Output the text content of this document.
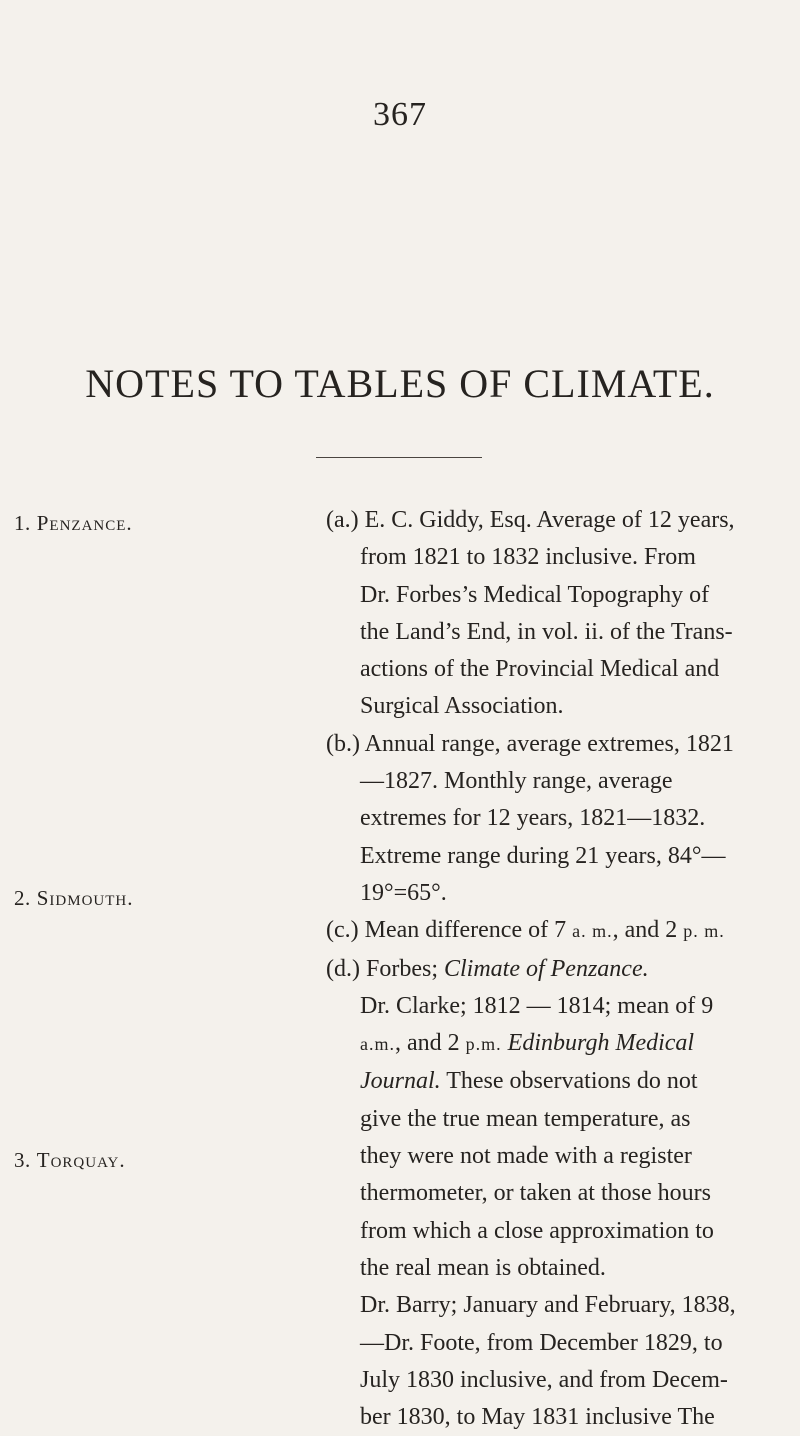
367
NOTES TO TABLES OF CLIMATE.
1. Penzance.
2. Sidmouth.
3. Torquay.
(a.) E. C. Giddy, Esq. Average of 12 years,
from 1821 to 1832 inclusive. From
Dr. Forbes’s Medical Topography of
the Land’s End, in vol. ii. of the Trans-
actions of the Provincial Medical and
Surgical Association.
(b.) Annual range, average extremes, 1821
—1827. Monthly range, average
extremes for 12 years, 1821—1832.
Extreme range during 21 years, 84°—
19°=65°.
(c.) Mean difference of 7 a. m., and 2 p. m.
(d.) Forbes; Climate of Penzance.
Dr. Clarke; 1812 — 1814; mean of 9
a.m., and 2 p.m. Edinburgh Medical
Journal. These observations do not
give the true mean temperature, as
they were not made with a register
thermometer, or taken at those hours
from which a close approximation to
the real mean is obtained.
Dr. Barry; January and February, 1838,
—Dr. Foote, from December 1829, to
July 1830 inclusive, and from Decem-
ber 1830, to May 1831 inclusive The
